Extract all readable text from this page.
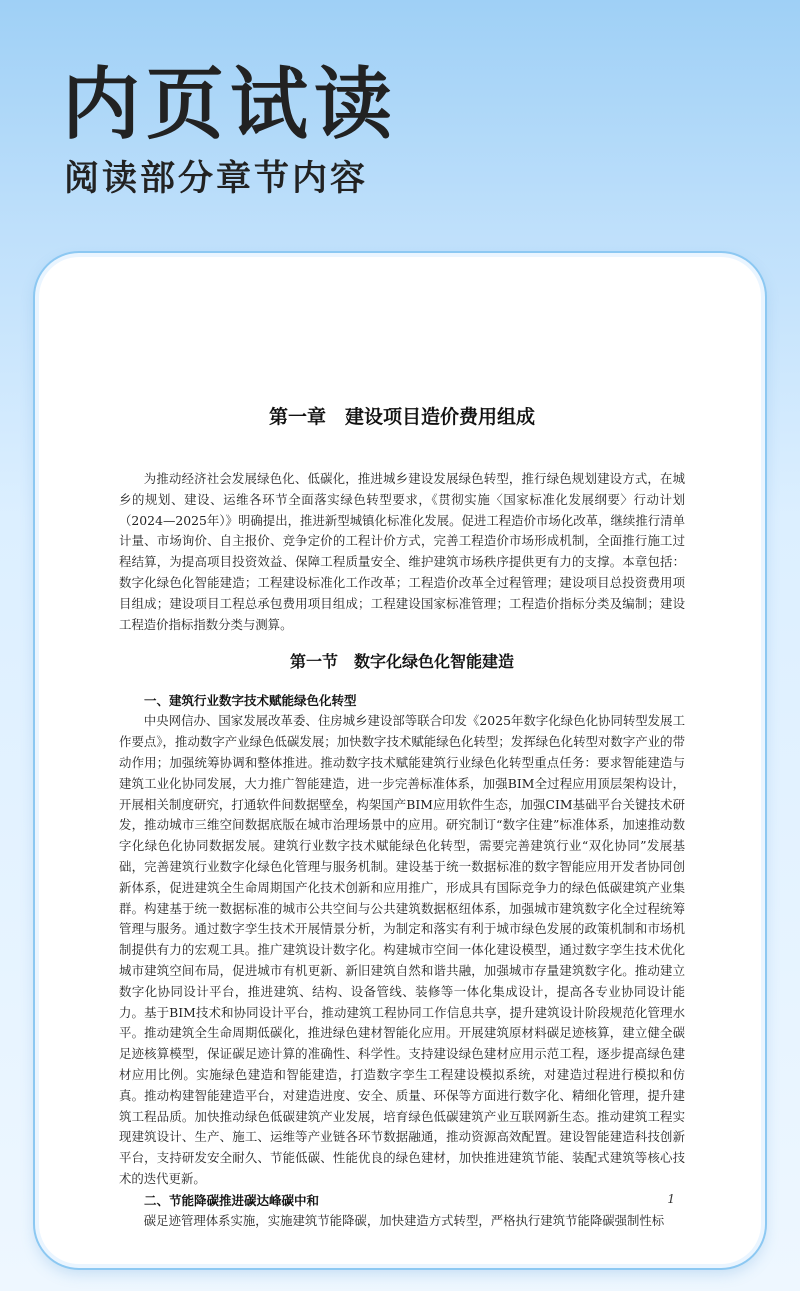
内页试读
阅读部分章节内容
第一章　建设项目造价费用组成

为推动经济社会发展绿色化、低碳化，推进城乡建设发展绿色转型，推行绿色规划建设方式，在城乡的规划、建设、运维各环节全面落实绿色转型要求，《贯彻实施〈国家标准化发展纲要〉行动计划（2024—2025年）》明确提出，推进新型城镇化标准化发展。促进工程造价市场化改革，继续推行清单计量、市场询价、自主报价、竞争定价的工程计价方式，完善工程造价市场形成机制，全面推行施工过程结算，为提高项目投资效益、保障工程质量安全、维护建筑市场秩序提供更有力的支撑。本章包括：数字化绿色化智能建造；工程建设标准化工作改革；工程造价改革全过程管理；建设项目总投资费用项目组成；建设项目工程总承包费用项目组成；工程建设国家标准管理；工程造价指标分类及编制；建设工程造价指标指数分类与测算。

第一节　数字化绿色化智能建造

一、建筑行业数字技术赋能绿色化转型

中央网信办、国家发展改革委、住房城乡建设部等联合印发《2025年数字化绿色化协同转型发展工作要点》，推动数字产业绿色低碳发展；加快数字技术赋能绿色化转型；发挥绿色化转型对数字产业的带动作用；加强统筹协调和整体推进。推动数字技术赋能建筑行业绿色化转型重点任务：要求智能建造与建筑工业化协同发展，大力推广智能建造，进一步完善标准体系，加强BIM全过程应用顶层架构设计，开展相关制度研究，打通软件间数据壁垒，构架国产BIM应用软件生态，加强CIM基础平台关键技术研发，推动城市三维空间数据底版在城市治理场景中的应用。研究制订“数字住建”标准体系，加速推动数字化绿色化协同数据发展。建筑行业数字技术赋能绿色化转型，需要完善建筑行业“双化协同”发展基础，完善建筑行业数字化绿色化管理与服务机制。建设基于统一数据标准的数字智能应用开发者协同创新体系，促进建筑全生命周期国产化技术创新和应用推广，形成具有国际竞争力的绿色低碳建筑产业集群。构建基于统一数据标准的城市公共空间与公共建筑数据枢纽体系，加强城市建筑数字化全过程统筹管理与服务。通过数字孪生技术开展情景分析，为制定和落实有利于城市绿色发展的政策机制和市场机制提供有力的宏观工具。推广建筑设计数字化。构建城市空间一体化建设模型，通过数字孪生技术优化城市建筑空间布局，促进城市有机更新、新旧建筑自然和谐共融，加强城市存量建筑数字化。推动建立数字化协同设计平台，推进建筑、结构、设备管线、装修等一体化集成设计，提高各专业协同设计能力。基于BIM技术和协同设计平台，推动建筑工程协同工作信息共享，提升建筑设计阶段规范化管理水平。推动建筑全生命周期低碳化，推进绿色建材智能化应用。开展建筑原材料碳足迹核算，建立健全碳足迹核算模型，保证碳足迹计算的准确性、科学性。支持建设绿色建材应用示范工程，逐步提高绿色建材应用比例。实施绿色建造和智能建造，打造数字孪生工程建设模拟系统，对建造过程进行模拟和仿真。推动构建智能建造平台，对建造进度、安全、质量、环保等方面进行数字化、精细化管理，提升建筑工程品质。加快推动绿色低碳建筑产业发展，培育绿色低碳建筑产业互联网新生态。推动建筑工程实现建筑设计、生产、施工、运维等产业链各环节数据融通，推动资源高效配置。建设智能建造科技创新平台，支持研发安全耐久、节能低碳、性能优良的绿色建材，加快推进建筑节能、装配式建筑等核心技术的迭代更新。

二、节能降碳推进碳达峰碳中和

碳足迹管理体系实施，实施建筑节能降碳，加快建造方式转型，严格执行建筑节能降碳强制性标

1
